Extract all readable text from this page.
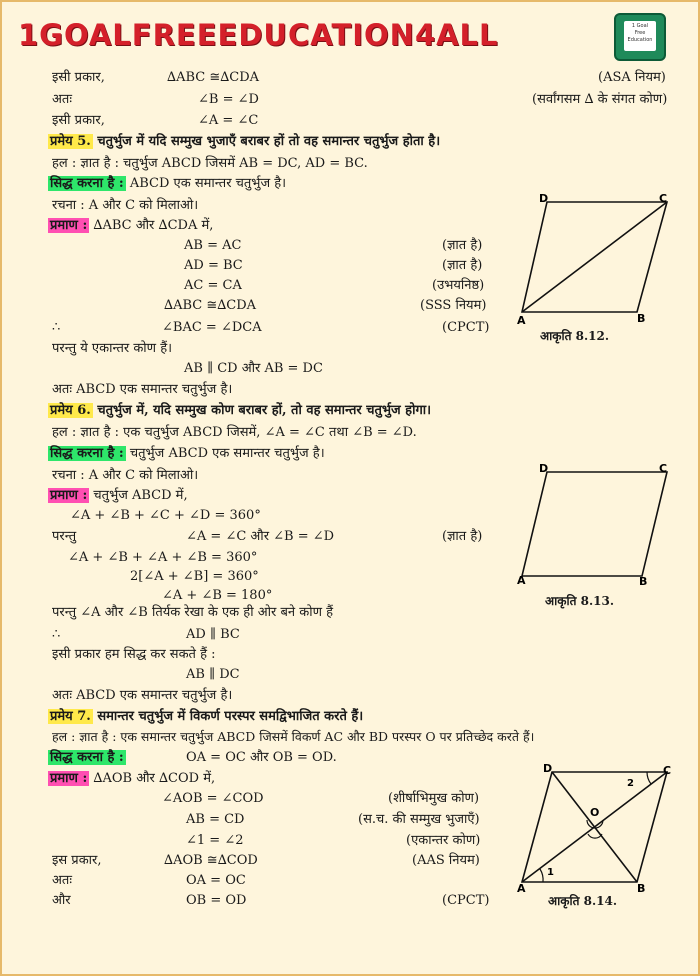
1GOALFREEEDUCATION4ALL	1 Goal
Free
Education
इसी प्रकार,	∆ABC ≅∆CDA	(ASA नियम)
अतः	∠B = ∠D	(सर्वांगसम ∆ के संगत कोण)
इसी प्रकार,	∠A = ∠C
प्रमेय 5. चतुर्भुज में यदि सम्मुख भुजाएँ बराबर हों तो वह समान्तर चतुर्भुज होता है।
हल : ज्ञात है : चतुर्भुज ABCD जिसमें AB = DC, AD = BC.
सिद्ध करना है : ABCD एक समान्तर चतुर्भुज है।
रचना : A और C को मिलाओ।
प्रमाण : ∆ABC और ∆CDA में,
AB = AC	(ज्ञात है)
AD = BC	(ज्ञात है)
AC = CA	(उभयनिष्ठ)
∆ABC ≅∆CDA	(SSS नियम)
∴	∠BAC = ∠DCA	(CPCT)
परन्तु ये एकान्तर कोण हैं।
AB ∥ CD और AB = DC
अतः ABCD एक समान्तर चतुर्भुज है।
प्रमेय 6. चतुर्भुज में, यदि सम्मुख कोण बराबर हों, तो वह समान्तर चतुर्भुज होगा।
हल : ज्ञात है : एक चतुर्भुज ABCD जिसमें, ∠A = ∠C तथा ∠B = ∠D.
सिद्ध करना है : चतुर्भुज ABCD एक समान्तर चतुर्भुज है।
रचना : A और C को मिलाओ।
प्रमाण : चतुर्भुज ABCD में,
∠A + ∠B + ∠C + ∠D = 360°
परन्तु	∠A = ∠C और ∠B = ∠D	(ज्ञात है)
∠A + ∠B + ∠A + ∠B = 360°
2[∠A + ∠B] = 360°
∠A + ∠B = 180°
परन्तु ∠A और ∠B तिर्यक रेखा के एक ही ओर बने कोण हैं
∴	AD ∥ BC
इसी प्रकार हम सिद्ध कर सकते हैं :
AB ∥ DC
अतः ABCD एक समान्तर चतुर्भुज है।
प्रमेय 7. समान्तर चतुर्भुज में विकर्ण परस्पर समद्विभाजित करते हैं।
हल : ज्ञात है : एक समान्तर चतुर्भुज ABCD जिसमें विकर्ण AC और BD परस्पर O पर प्रतिच्छेद करते हैं।
सिद्ध करना है :	OA = OC और OB = OD.
प्रमाण : ∆AOB और ∆COD में,
∠AOB = ∠COD	(शीर्षाभिमुख कोण)
AB = CD	(स.च. की सम्मुख भुजाएँ)
∠1 = ∠2	(एकान्तर कोण)
इस प्रकार,	∆AOB ≅∆COD	(AAS नियम)
अतः	OA = OC
और	OB = OD	(CPCT)
D	C
A	B
आकृति 8.12.
D	C
A	B
आकृति 8.13.
D	C
A	B
O
1
2
आकृति 8.14.
